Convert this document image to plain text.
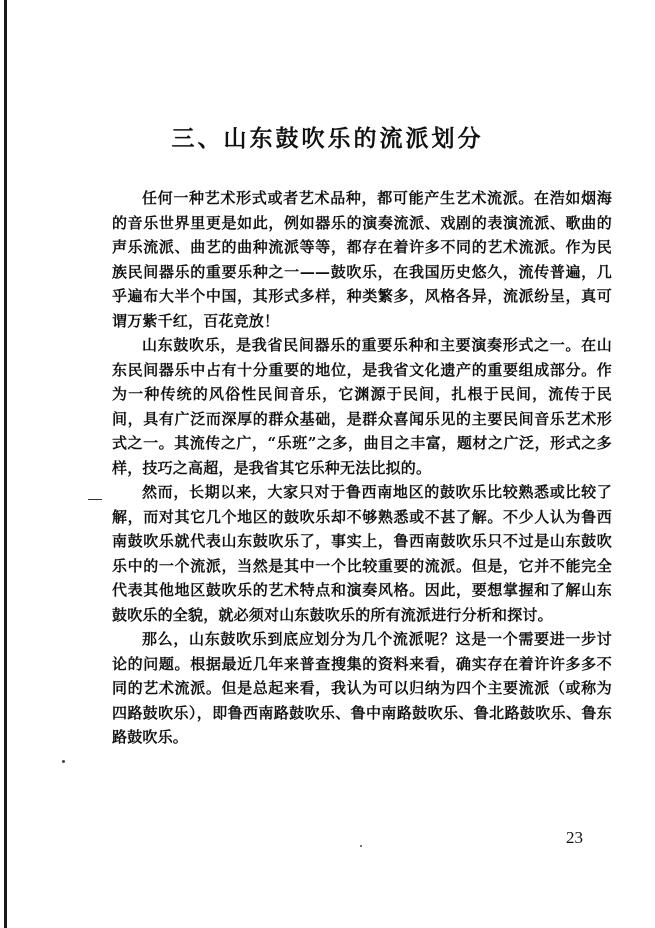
三、山东鼓吹乐的流派划分

任何一种艺术形式或者艺术品种，都可能产生艺术流派。在浩如烟海的音乐世界里更是如此，例如器乐的演奏流派、戏剧的表演流派、歌曲的声乐流派、曲艺的曲种流派等等，都存在着许多不同的艺术流派。作为民族民间器乐的重要乐种之一——鼓吹乐，在我国历史悠久，流传普遍，几乎遍布大半个中国，其形式多样，种类繁多，风格各异，流派纷呈，真可谓万紫千红，百花竞放！

山东鼓吹乐，是我省民间器乐的重要乐种和主要演奏形式之一。在山东民间器乐中占有十分重要的地位，是我省文化遗产的重要组成部分。作为一种传统的风俗性民间音乐，它渊源于民间，扎根于民间，流传于民间，具有广泛而深厚的群众基础，是群众喜闻乐见的主要民间音乐艺术形式之一。其流传之广，“乐班”之多，曲目之丰富，题材之广泛，形式之多样，技巧之高超，是我省其它乐种无法比拟的。

然而，长期以来，大家只对于鲁西南地区的鼓吹乐比较熟悉或比较了解，而对其它几个地区的鼓吹乐却不够熟悉或不甚了解。不少人认为鲁西南鼓吹乐就代表山东鼓吹乐了，事实上，鲁西南鼓吹乐只不过是山东鼓吹乐中的一个流派，当然是其中一个比较重要的流派。但是，它并不能完全代表其他地区鼓吹乐的艺术特点和演奏风格。因此，要想掌握和了解山东鼓吹乐的全貌，就必须对山东鼓吹乐的所有流派进行分析和探讨。

那么，山东鼓吹乐到底应划分为几个流派呢？这是一个需要进一步讨论的问题。根据最近几年来普查搜集的资料来看，确实存在着许许多多不同的艺术流派。但是总起来看，我认为可以归纳为四个主要流派（或称为四路鼓吹乐），即鲁西南路鼓吹乐、鲁中南路鼓吹乐、鲁北路鼓吹乐、鲁东路鼓吹乐。

23
